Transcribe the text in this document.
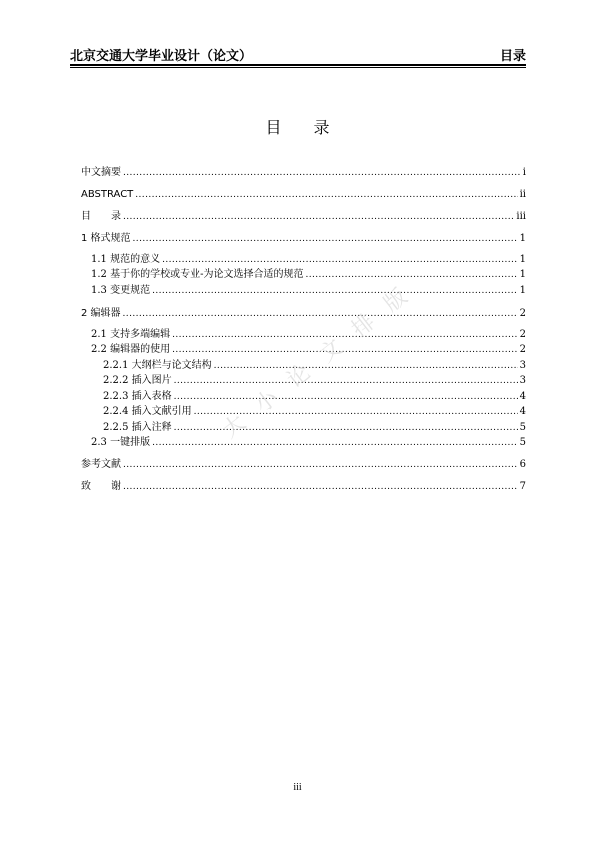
北京交通大学毕业设计（论文）	目录
目　　录
中文摘要 .....	i
ABSTRACT .....	ii
目　　录 .....	iii
1 格式规范 .....	1
1.1 规范的意义 .....	1
1.2 基于你的学校或专业-为论文选择合适的规范 .....	1
1.3 变更规范 .....	1
2 编辑器 .....	2
2.1 支持多端编辑 .....	2
2.2 编辑器的使用 .....	2
2.2.1 大纲栏与论文结构 .....	3
2.2.2 插入图片 .....	3
2.2.3 插入表格 .....	4
2.2.4 插入文献引用 .....	4
2.2.5 插入注释 .....	5
2.3 一键排版 .....	5
参考文献 .....	6
致　　谢 .....	7
大 小 论 文 排 版
iii
